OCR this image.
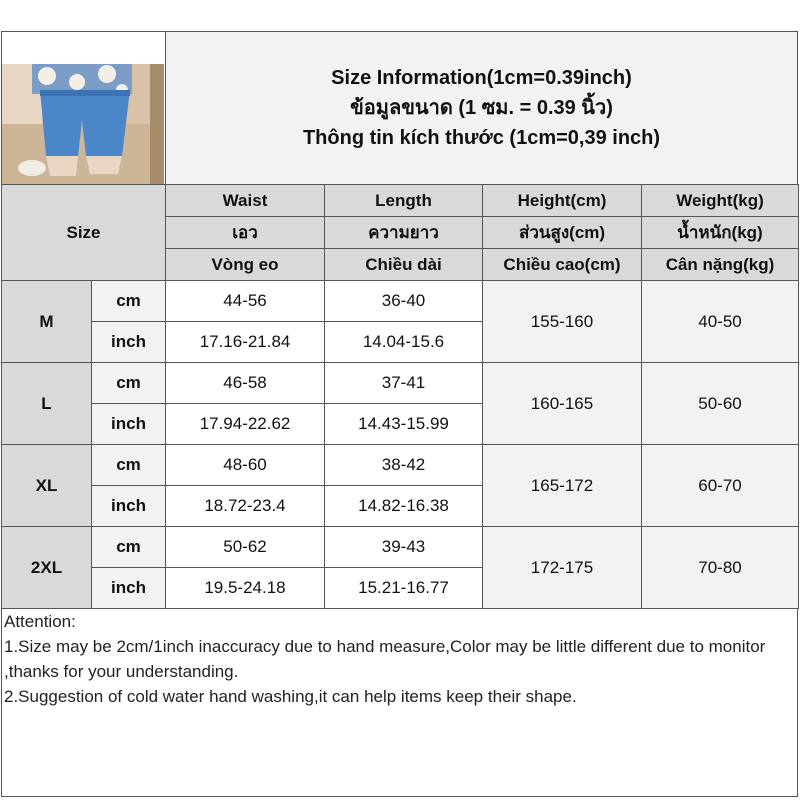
Size Information(1cm=0.39inch)
ข้อมูลขนาด (1 ซม. = 0.39 นิ้ว)
Thông tin kích thước (1cm=0,39 inch)
Size		Waist	Length	Height(cm)	Weight(kg)
		เอว	ความยาว	ส่วนสูง(cm)	น้ำหนัก(kg)
		Vòng eo	Chiều dài	Chiều cao(cm)	Cân nặng(kg)
M	cm	44-56	36-40	155-160	40-50
	inch	17.16-21.84	14.04-15.6		
L	cm	46-58	37-41	160-165	50-60
	inch	17.94-22.62	14.43-15.99		
XL	cm	48-60	38-42	165-172	60-70
	inch	18.72-23.4	14.82-16.38		
2XL	cm	50-62	39-43	172-175	70-80
	inch	19.5-24.18	15.21-16.77		
Attention:
1.Size may be 2cm/1inch inaccuracy due to hand measure,Color may be little different due to monitor ,thanks for your understanding.
2.Suggestion of cold water hand washing,it can help items keep their shape.
